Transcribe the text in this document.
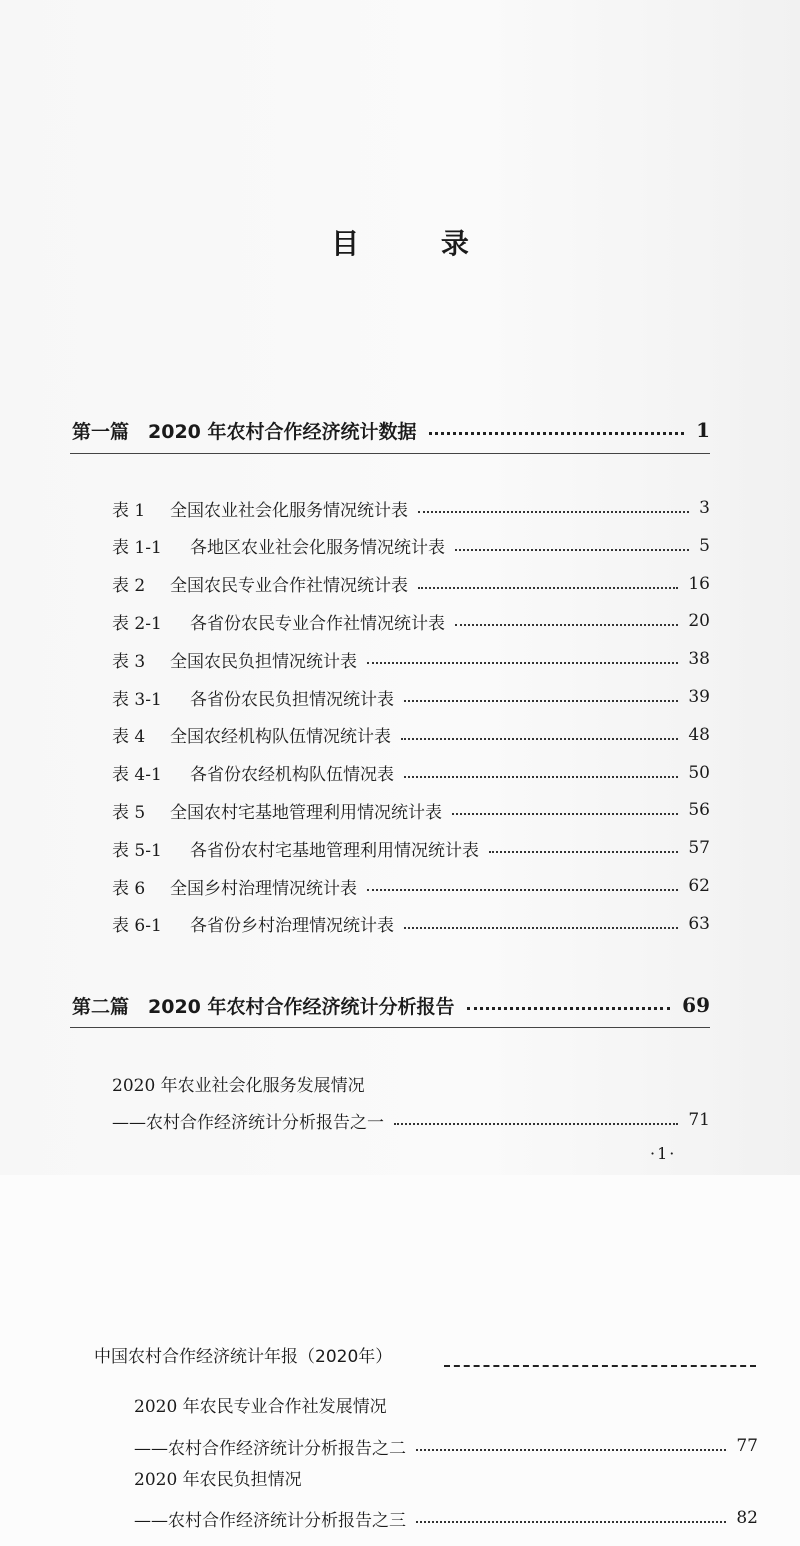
目 录
第一篇 2020 年农村合作经济统计数据	1
表 1	全国农业社会化服务情况统计表	3
表 1-1	各地区农业社会化服务情况统计表	5
表 2	全国农民专业合作社情况统计表	16
表 2-1	各省份农民专业合作社情况统计表	20
表 3	全国农民负担情况统计表	38
表 3-1	各省份农民负担情况统计表	39
表 4	全国农经机构队伍情况统计表	48
表 4-1	各省份农经机构队伍情况表	50
表 5	全国农村宅基地管理利用情况统计表	56
表 5-1	各省份农村宅基地管理利用情况统计表	57
表 6	全国乡村治理情况统计表	62
表 6-1	各省份乡村治理情况统计表	63
第二篇 2020 年农村合作经济统计分析报告	69
2020 年农业社会化服务发展情况
——农村合作经济统计分析报告之一	71
·1·
中国农村合作经济统计年报（2020年）
2020 年农民专业合作社发展情况
——农村合作经济统计分析报告之二	77
2020 年农民负担情况
——农村合作经济统计分析报告之三	82
